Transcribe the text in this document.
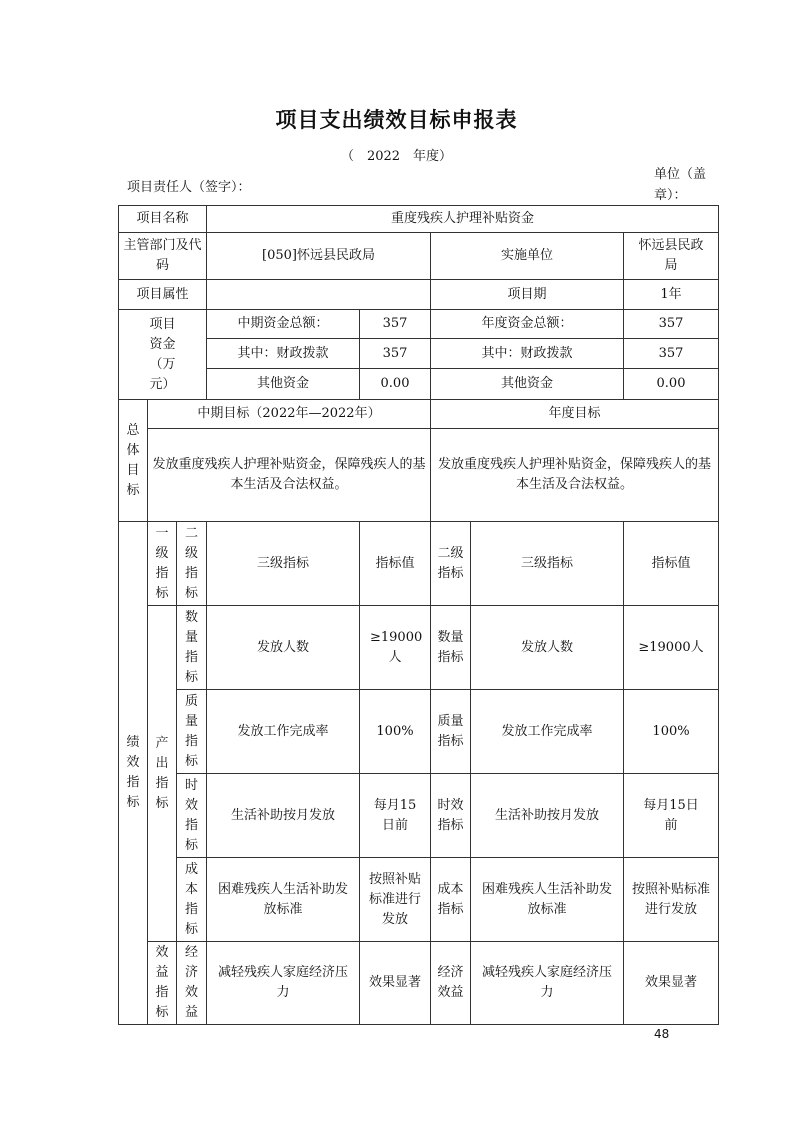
项目支出绩效目标申报表
（　2022　年度）
项目责任人（签字）：
单位（盖章）：
项目名称			重度残疾人护理补贴资金				
主管部门及代码			[050]怀远县民政局		实施单位		怀远县民政局
项目属性					项目期		1年
项目资金（万元）			中期资金总额：	357	年度资金总额：		357
			其中：财政拨款	357	其中：财政拨款		357
			其他资金	0.00	其他资金		0.00
总体目标	中期目标（2022年—2022年）				年度目标		
	发放重度残疾人护理补贴资金，保障残疾人的基本生活及合法权益。				发放重度残疾人护理补贴资金，保障残疾人的基本生活及合法权益。		
绩效指标	一级指标	二级指标	三级指标	指标值	二级指标	三级指标	指标值
	产出指标	数量指标	发放人数	≥19000人	数量指标	发放人数	≥19000人
		质量指标	发放工作完成率	100%	质量指标	发放工作完成率	100%
		时效指标	生活补助按月发放	每月15日前	时效指标	生活补助按月发放	每月15日前
		成本指标	困难残疾人生活补助发放标准	按照补贴标准进行发放	成本指标	困难残疾人生活补助发放标准	按照补贴标准进行发放
	效益指标	经济效益	减轻残疾人家庭经济压力	效果显著	经济效益	减轻残疾人家庭经济压力	效果显著
48
